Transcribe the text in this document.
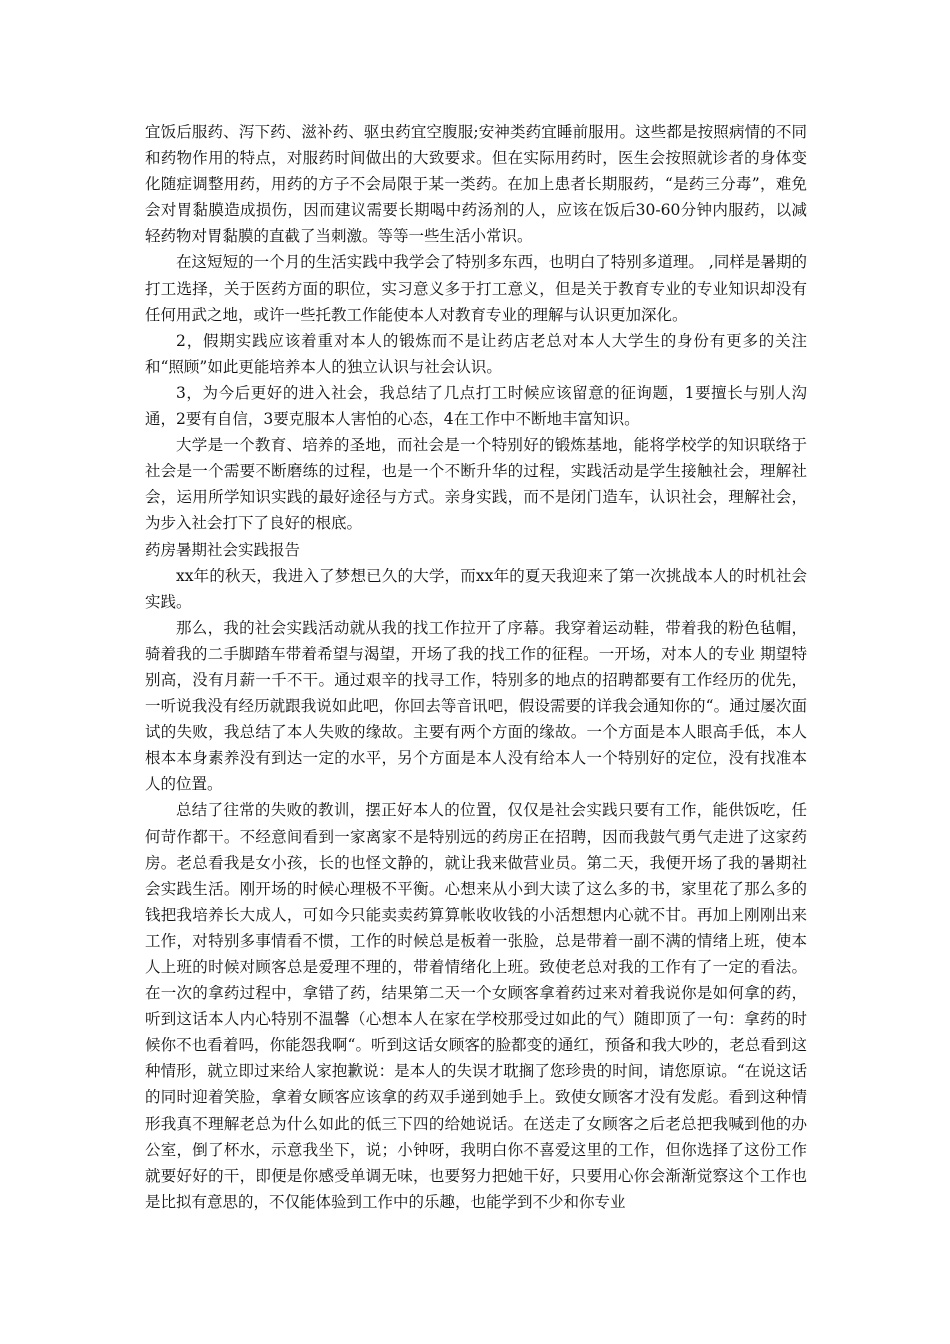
宜饭后服药、泻下药、滋补药、驱虫药宜空腹服;安神类药宜睡前服用。这些都是按照病情的不同和药物作用的特点，对服药时间做出的大致要求。但在实际用药时，医生会按照就诊者的身体变化随症调整用药，用药的方子不会局限于某一类药。在加上患者长期服药，“是药三分毒”，难免会对胃黏膜造成损伤，因而建议需要长期喝中药汤剂的人，应该在饭后30-60分钟内服药，以减轻药物对胃黏膜的直截了当刺激。等等一些生活小常识。

在这短短的一个月的生活实践中我学会了特别多东西，也明白了特别多道理。 ,同样是暑期的打工选择，关于医药方面的职位，实习意义多于打工意义，但是关于教育专业的专业知识却没有任何用武之地，或许一些托教工作能使本人对教育专业的理解与认识更加深化。

2，假期实践应该着重对本人的锻炼而不是让药店老总对本人大学生的身份有更多的关注和“照顾”如此更能培养本人的独立认识与社会认识。

3，为今后更好的进入社会，我总结了几点打工时候应该留意的征询题，1要擅长与别人沟通，2要有自信，3要克服本人害怕的心态，4在工作中不断地丰富知识。

大学是一个教育、培养的圣地，而社会是一个特别好的锻炼基地，能将学校学的知识联络于社会是一个需要不断磨练的过程，也是一个不断升华的过程，实践活动是学生接触社会，理解社会，运用所学知识实践的最好途径与方式。亲身实践，而不是闭门造车，认识社会，理解社会，为步入社会打下了良好的根底。

药房暑期社会实践报告

xx年的秋天，我进入了梦想已久的大学，而xx年的夏天我迎来了第一次挑战本人的时机社会实践。

那么，我的社会实践活动就从我的找工作拉开了序幕。我穿着运动鞋，带着我的粉色毡帽，骑着我的二手脚踏车带着希望与渴望，开场了我的找工作的征程。一开场，对本人的专业 期望特别高，没有月薪一千不干。通过艰辛的找寻工作，特别多的地点的招聘都要有工作经历的优先，一听说我没有经历就跟我说如此吧，你回去等音讯吧，假设需要的详我会通知你的“。通过屡次面试的失败，我总结了本人失败的缘故。主要有两个方面的缘故。一个方面是本人眼高手低，本人根本本身素养没有到达一定的水平，另个方面是本人没有给本人一个特别好的定位，没有找准本人的位置。

总结了往常的失败的教训，摆正好本人的位置，仅仅是社会实践只要有工作，能供饭吃，任何苛作都干。不经意间看到一家离家不是特别远的药房正在招聘，因而我鼓气勇气走进了这家药房。老总看我是女小孩，长的也怪文静的，就让我来做营业员。第二天，我便开场了我的暑期社会实践生活。刚开场的时候心理极不平衡。心想来从小到大读了这么多的书，家里花了那么多的钱把我培养长大成人，可如今只能卖卖药算算帐收收钱的小活想想内心就不甘。再加上刚刚出来工作，对特别多事情看不惯，工作的时候总是板着一张脸，总是带着一副不满的情绪上班，使本人上班的时候对顾客总是爱理不理的，带着情绪化上班。致使老总对我的工作有了一定的看法。 在一次的拿药过程中，拿错了药，结果第二天一个女顾客拿着药过来对着我说你是如何拿的药，听到这话本人内心特别不温馨（心想本人在家在学校那受过如此的气）随即顶了一句：拿药的时候你不也看着吗，你能怨我啊“。听到这话女顾客的脸都变的通红，预备和我大吵的，老总看到这种情形，就立即过来给人家抱歉说：是本人的失误才耽搁了您珍贵的时间，请您原谅。“在说这话的同时迎着笑脸，拿着女顾客应该拿的药双手递到她手上。致使女顾客才没有发彪。看到这种情形我真不理解老总为什么如此的低三下四的给她说话。在送走了女顾客之后老总把我喊到他的办公室，倒了杯水，示意我坐下，说；小钟呀，我明白你不喜爱这里的工作，但你选择了这份工作就要好好的干，即便是你感受单调无味，也要努力把她干好，只要用心你会渐渐觉察这个工作也是比拟有意思的，不仅能体验到工作中的乐趣，也能学到不少和你专业
